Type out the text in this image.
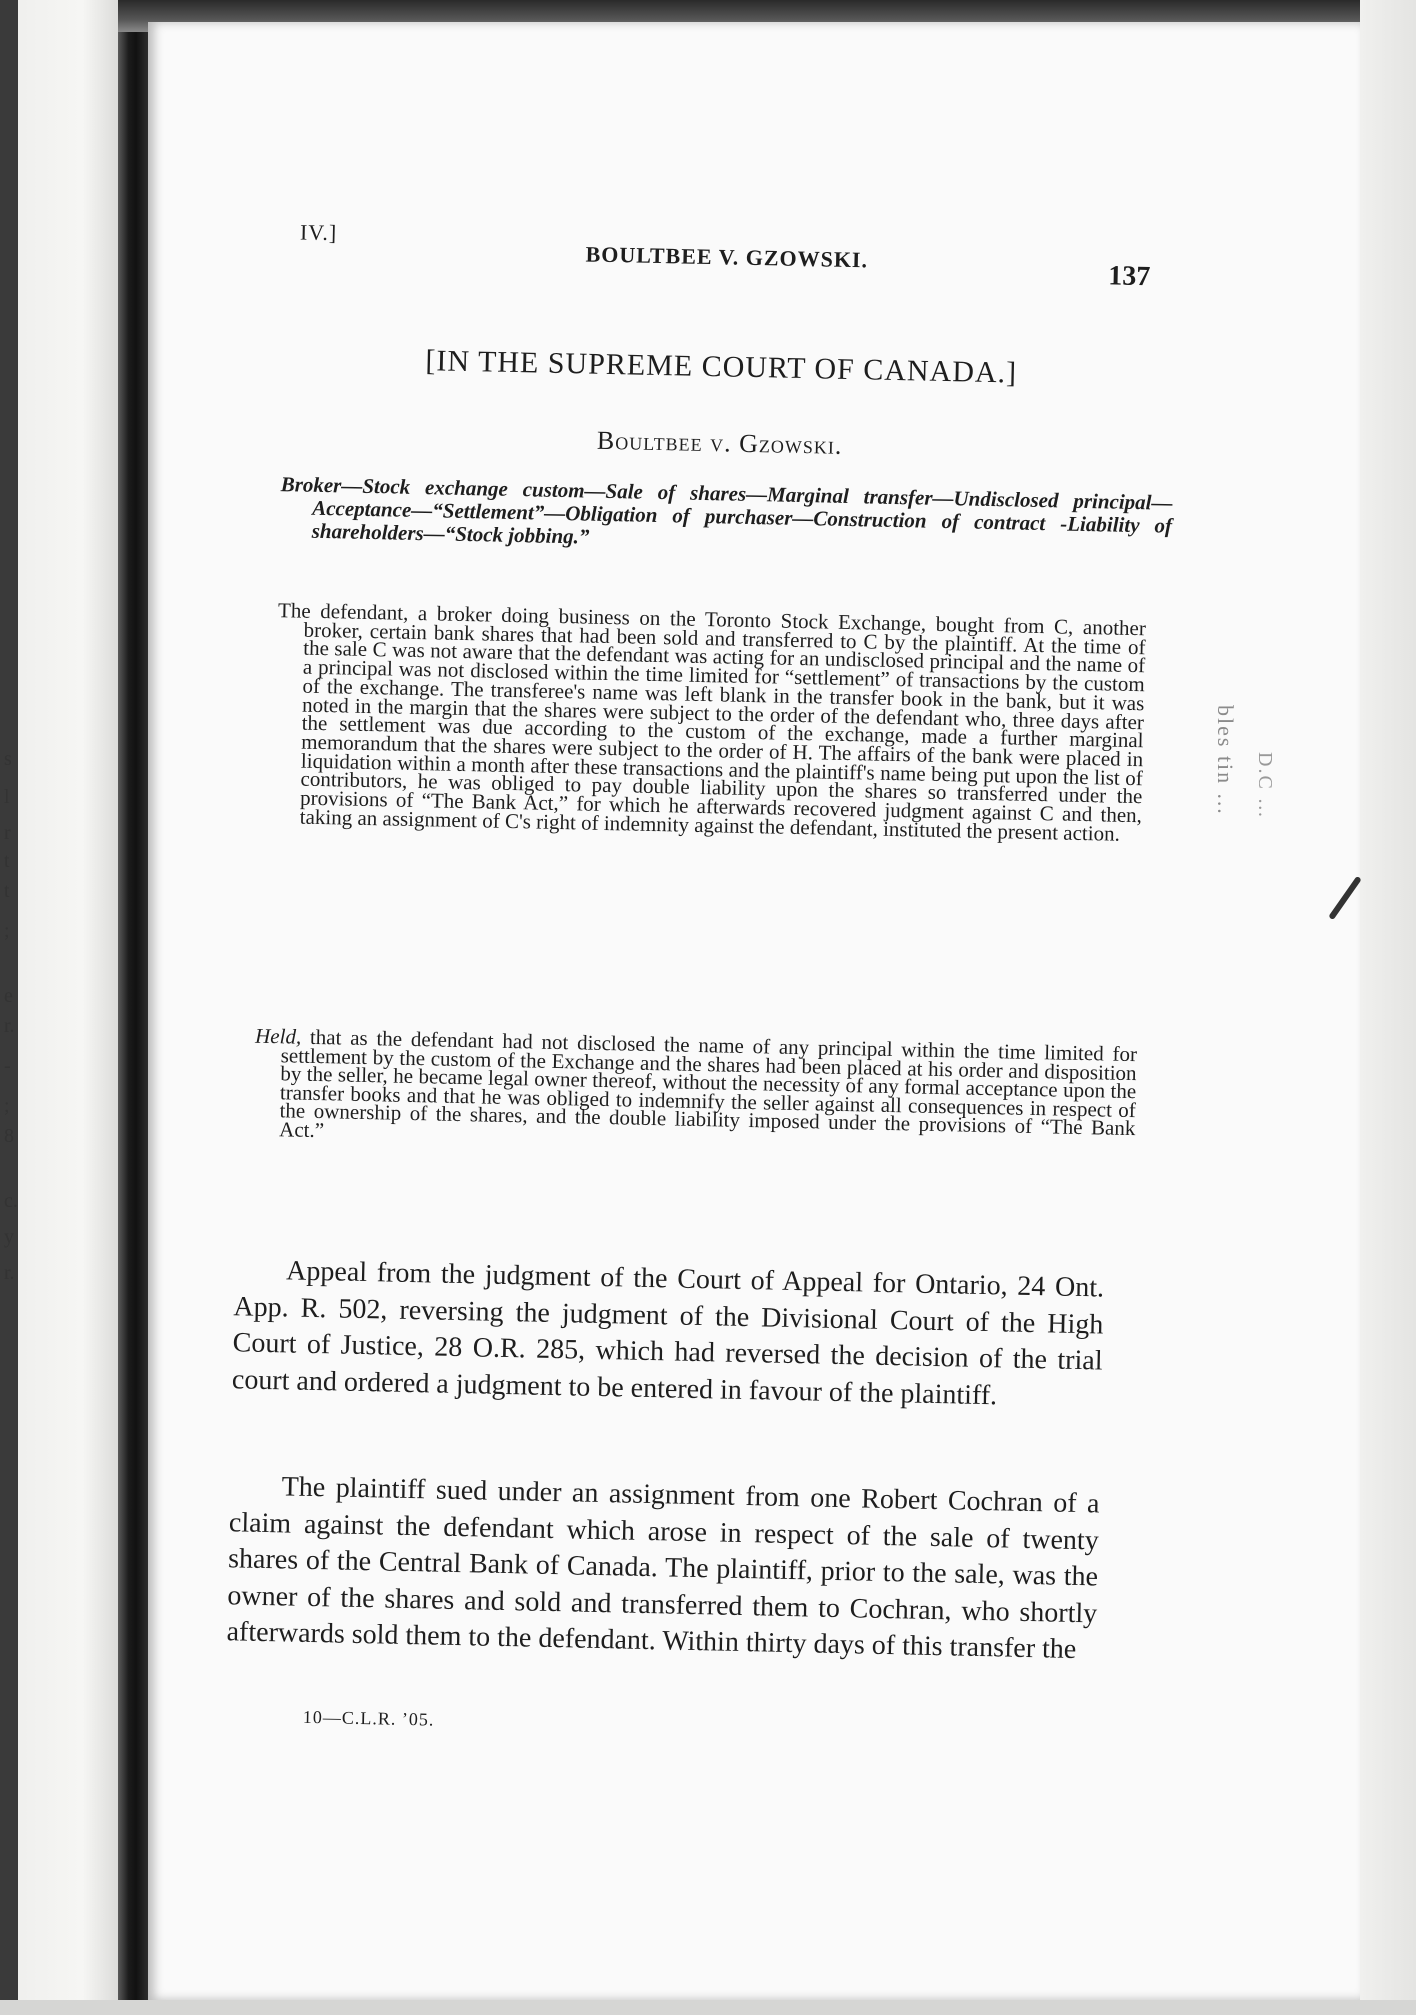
s
l
r
t
t
;
e
r.
-
;
8
c.
y
r.
bles tin … D.C …
IV.]
BOULTBEE V. GZOWSKI.
137
[IN THE SUPREME COURT OF CANADA.]
Boultbee v. Gzowski.
Broker—Stock exchange custom—Sale of shares—Marginal transfer—Undisclosed principal—Acceptance—“Settlement”—Obligation of purchaser—Construction of contract -Liability of shareholders—“Stock jobbing.”
The defendant, a broker doing business on the Toronto Stock Exchange, bought from C, another broker, certain bank shares that had been sold and transferred to C by the plaintiff. At the time of the sale C was not aware that the defendant was acting for an undisclosed principal and the name of a principal was not disclosed within the time limited for “settlement” of transactions by the custom of the exchange. The transferee's name was left blank in the transfer book in the bank, but it was noted in the margin that the shares were subject to the order of the defendant who, three days after the settlement was due according to the custom of the exchange, made a further marginal memorandum that the shares were subject to the order of H. The affairs of the bank were placed in liquidation within a month after these transactions and the plaintiff's name being put upon the list of contributors, he was obliged to pay double liability upon the shares so transferred under the provisions of “The Bank Act,” for which he afterwards recovered judgment against C and then, taking an assignment of C's right of indemnity against the defendant, instituted the present action.
Held, that as the defendant had not disclosed the name of any principal within the time limited for settlement by the custom of the Exchange and the shares had been placed at his order and disposition by the seller, he became legal owner thereof, without the necessity of any formal acceptance upon the transfer books and that he was obliged to indemnify the seller against all consequences in respect of the ownership of the shares, and the double liability imposed under the provisions of “The Bank Act.”
Appeal from the judgment of the Court of Appeal for Ontario, 24 Ont. App. R. 502, reversing the judgment of the Divisional Court of the High Court of Justice, 28 O.R. 285, which had reversed the decision of the trial court and ordered a judgment to be entered in favour of the plaintiff.
The plaintiff sued under an assignment from one Robert Cochran of a claim against the defendant which arose in respect of the sale of twenty shares of the Central Bank of Canada. The plaintiff, prior to the sale, was the owner of the shares and sold and transferred them to Cochran, who shortly afterwards sold them to the defendant. Within thirty days of this transfer the
10—C.L.R. ’05.
